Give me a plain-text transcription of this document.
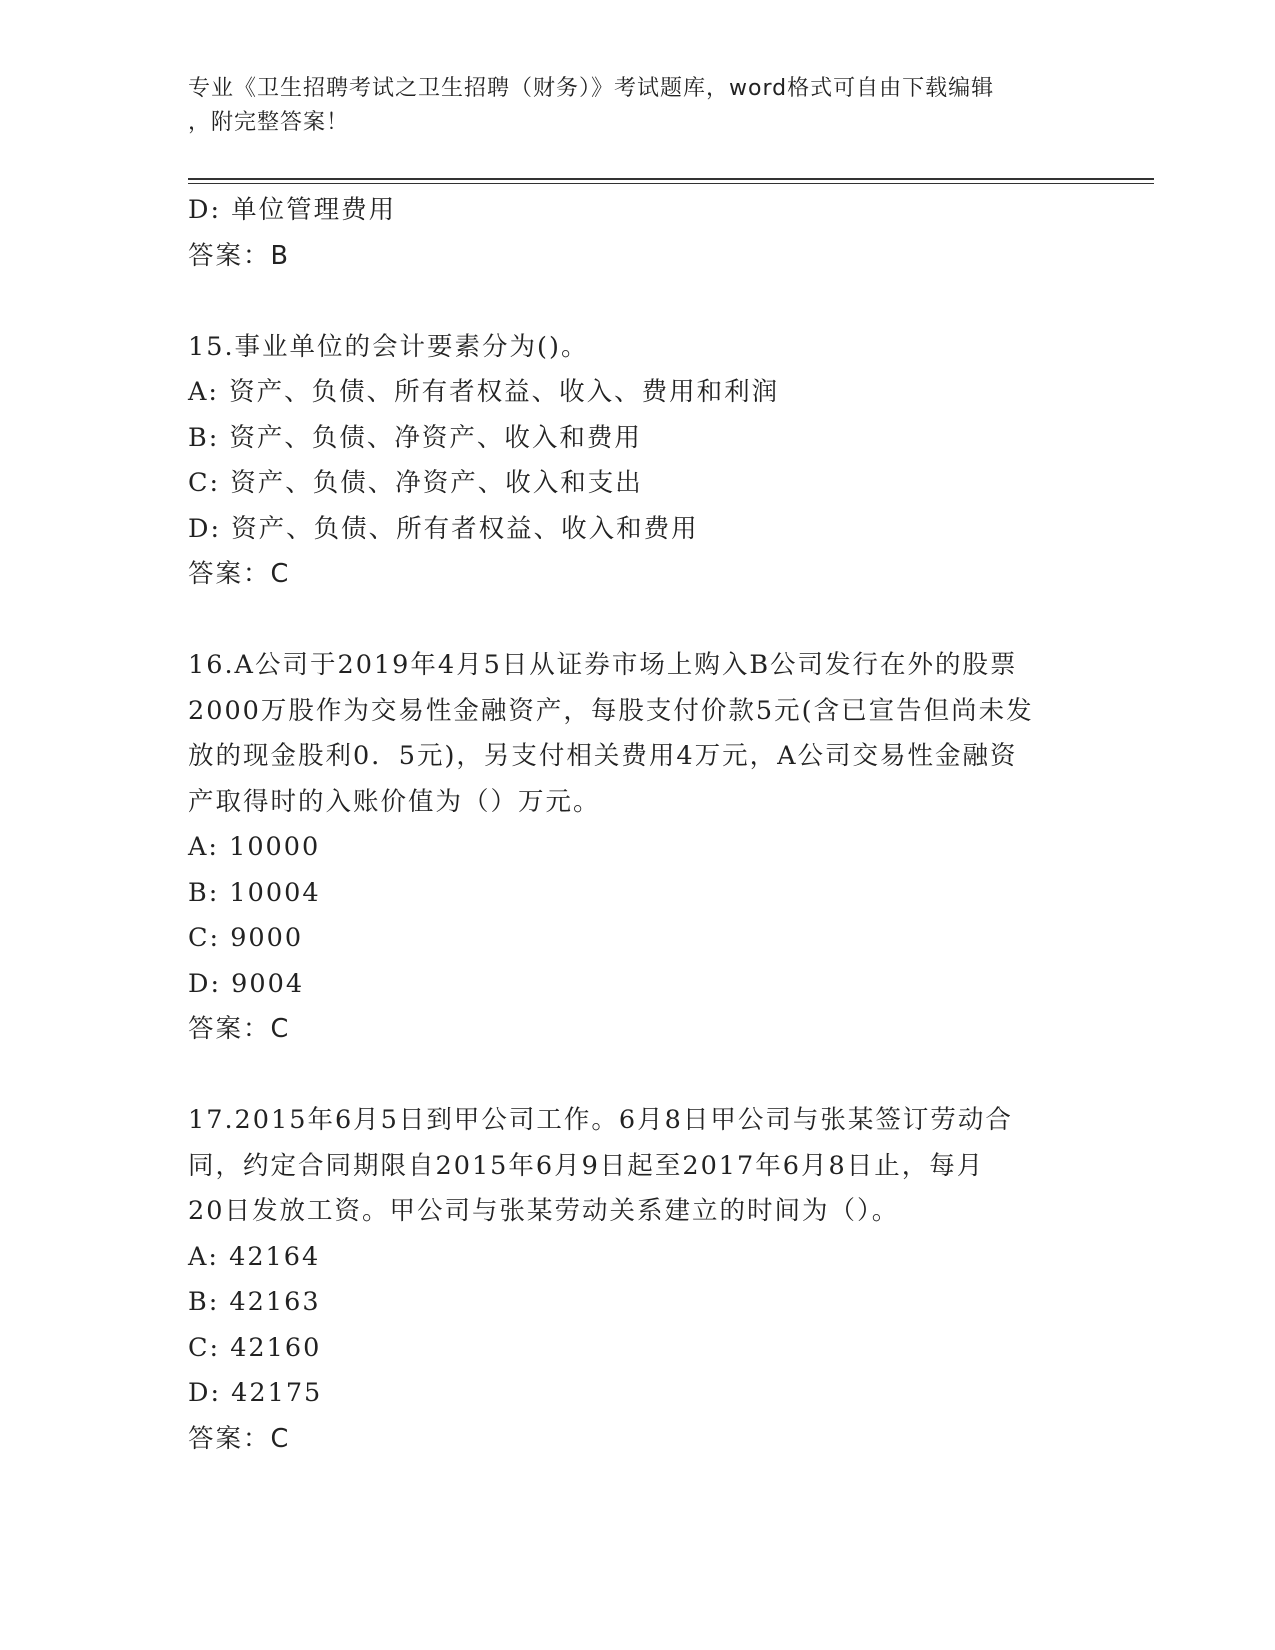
专业《卫生招聘考试之卫生招聘（财务）》考试题库，word格式可自由下载编辑
，附完整答案！
D: 单位管理费用
答案：B
15.事业单位的会计要素分为()。
A: 资产、负债、所有者权益、收入、费用和利润
B: 资产、负债、净资产、收入和费用
C: 资产、负债、净资产、收入和支出
D: 资产、负债、所有者权益、收入和费用
答案：C
16.A公司于2019年4月5日从证券市场上购入B公司发行在外的股票
2000万股作为交易性金融资产，每股支付价款5元(含已宣告但尚未发
放的现金股利0．5元)，另支付相关费用4万元，A公司交易性金融资
产取得时的入账价值为（）万元。
A: 10000
B: 10004
C: 9000
D: 9004
答案：C
17.2015年6月5日到甲公司工作。6月8日甲公司与张某签订劳动合
同，约定合同期限自2015年6月9日起至2017年6月8日止，每月
20日发放工资。甲公司与张某劳动关系建立的时间为（）。
A: 42164
B: 42163
C: 42160
D: 42175
答案：C
